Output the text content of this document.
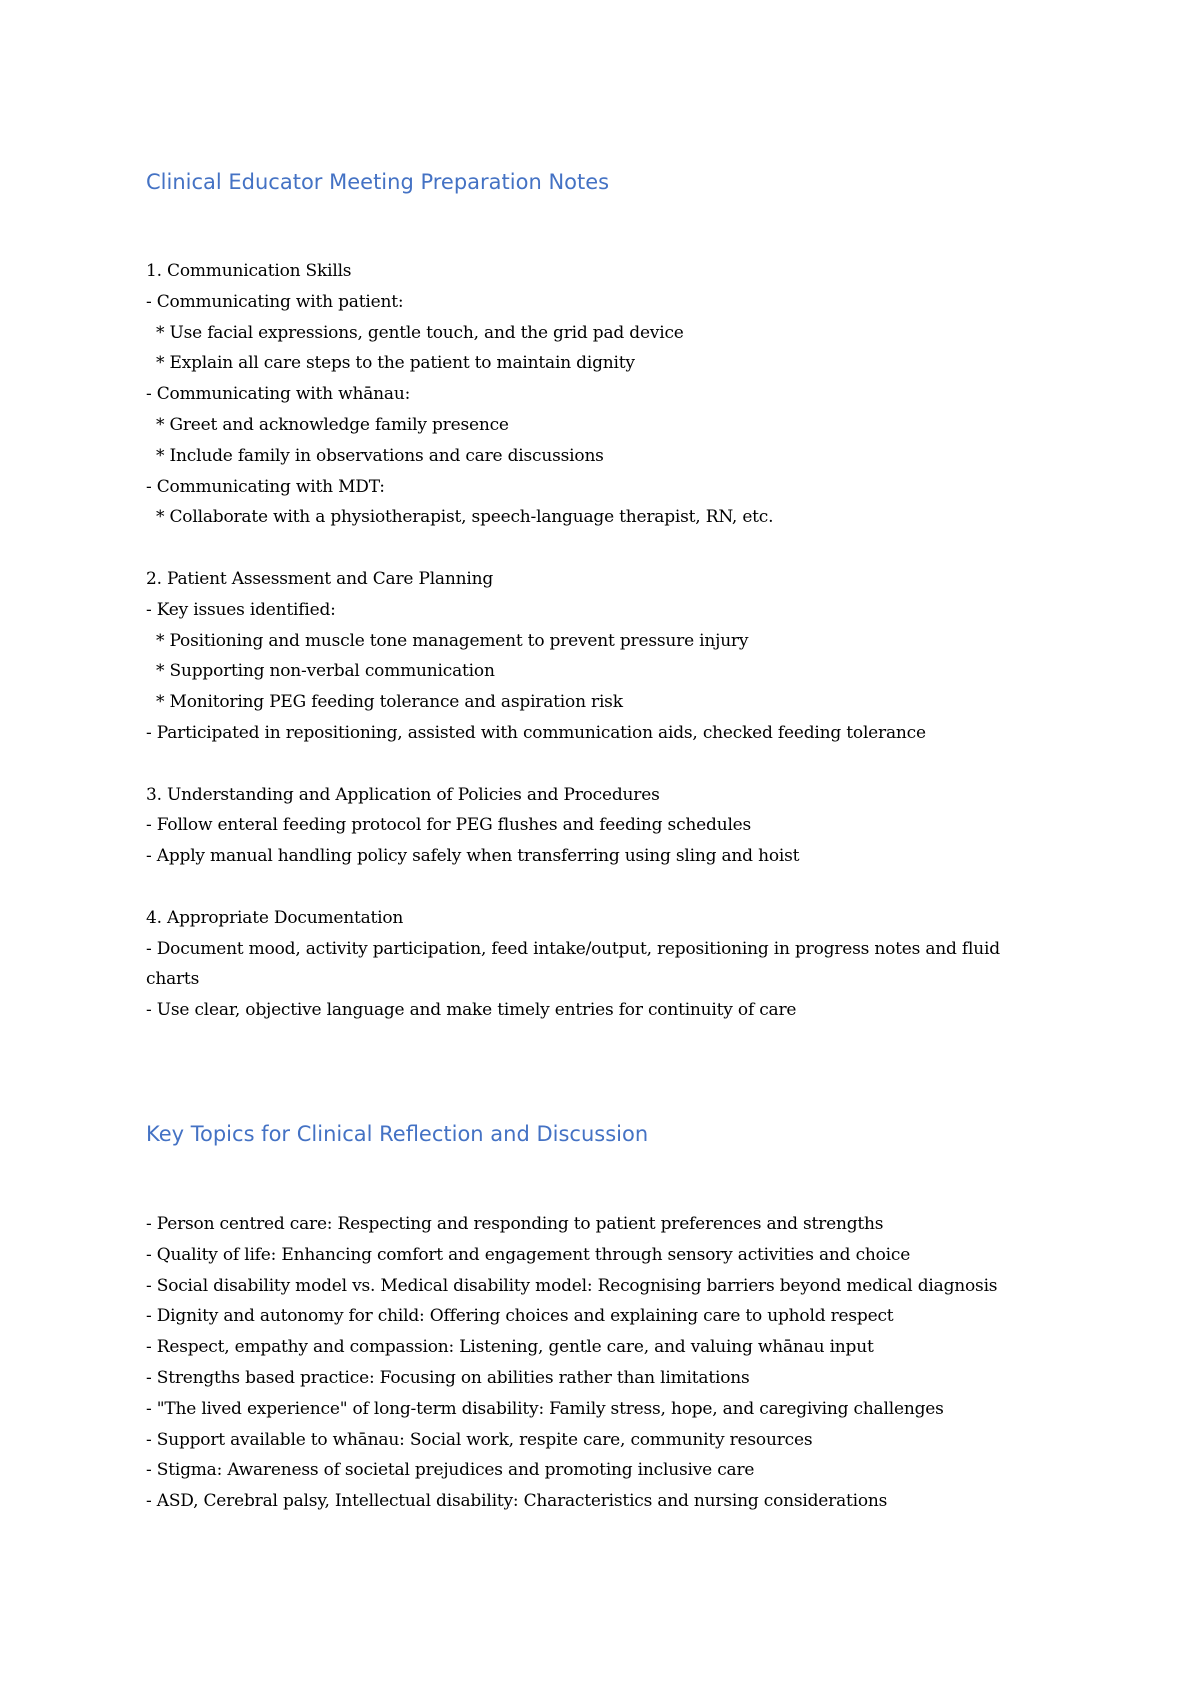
Clinical Educator Meeting Preparation Notes
1. Communication Skills
- Communicating with patient:
* Use facial expressions, gentle touch, and the grid pad device
* Explain all care steps to the patient to maintain dignity
- Communicating with whānau:
* Greet and acknowledge family presence
* Include family in observations and care discussions
- Communicating with MDT:
* Collaborate with a physiotherapist, speech-language therapist, RN, etc.
2. Patient Assessment and Care Planning
- Key issues identified:
* Positioning and muscle tone management to prevent pressure injury
* Supporting non-verbal communication
* Monitoring PEG feeding tolerance and aspiration risk
- Participated in repositioning, assisted with communication aids, checked feeding tolerance
3. Understanding and Application of Policies and Procedures
- Follow enteral feeding protocol for PEG flushes and feeding schedules
- Apply manual handling policy safely when transferring using sling and hoist
4. Appropriate Documentation
- Document mood, activity participation, feed intake/output, repositioning in progress notes and fluid charts
- Use clear, objective language and make timely entries for continuity of care
Key Topics for Clinical Reflection and Discussion
- Person centred care: Respecting and responding to patient preferences and strengths
- Quality of life: Enhancing comfort and engagement through sensory activities and choice
- Social disability model vs. Medical disability model: Recognising barriers beyond medical diagnosis
- Dignity and autonomy for child: Offering choices and explaining care to uphold respect
- Respect, empathy and compassion: Listening, gentle care, and valuing whānau input
- Strengths based practice: Focusing on abilities rather than limitations
- "The lived experience" of long-term disability: Family stress, hope, and caregiving challenges
- Support available to whānau: Social work, respite care, community resources
- Stigma: Awareness of societal prejudices and promoting inclusive care
- ASD, Cerebral palsy, Intellectual disability: Characteristics and nursing considerations
